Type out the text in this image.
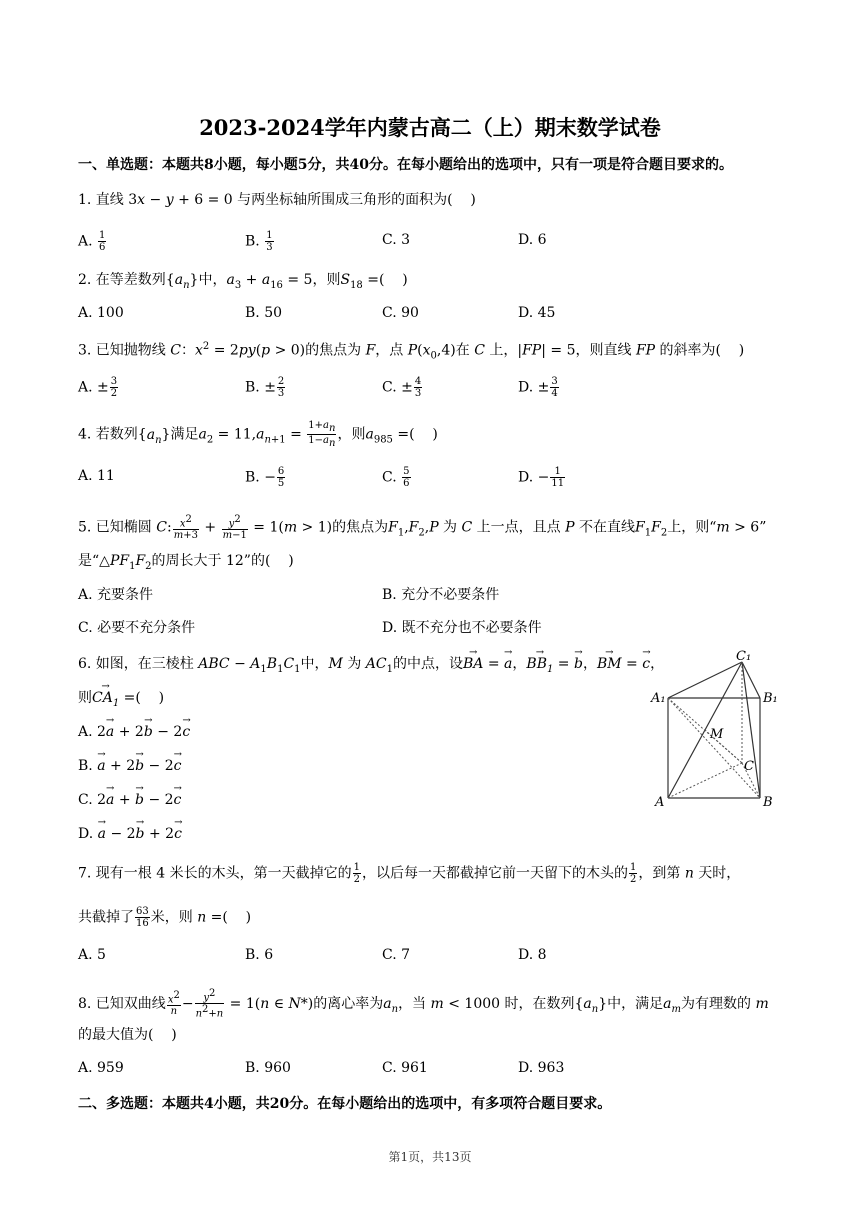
2023-2024学年内蒙古高二（上）期末数学试卷
一、单选题：本题共8小题，每小题5分，共40分。在每小题给出的选项中，只有一项是符合题目要求的。
1. 直线 3x − y + 6 = 0 与两坐标轴所围成三角形的面积为(    )
A. $\frac{1}{6}$	B. $\frac{1}{3}$	C. 3	D. 6
2. 在等差数列$\{a_n\}$中，$a_3 + a_{16} = 5$，则$S_{18}$ =(    )
A. 100	B. 50	C. 90	D. 45
3. 已知抛物线 C：$x^2 = 2py(p > 0)$的焦点为 F，点 $P(x_0,4)$在 C 上，|FP| = 5，则直线 FP 的斜率为(    )
A. ± $\frac{3}{2}$	B. ± $\frac{2}{3}$	C. ± $\frac{4}{3}$	D. ± $\frac{3}{4}$
4. 若数列$\{a_n\}$满足$a_2 = 11,a_{n+1} = \frac{1+a_n}{1-a_n}$ ，则$a_{985}$ =(    )
A. 11	B. − $\frac{6}{5}$	C. $\frac{5}{6}$	D. − $\frac{1}{11}$
5. 已知椭圆 C: $\frac{x^2}{m+3} + \frac{y^2}{m-1} = 1(m > 1)$的焦点为$F_1,F_2,P$ 为 C 上一点，且点 P 不在直线$F_1F_2$上，则“m > 6”
是“$\triangle PF_1F_2$的周长大于 12”的(    )
A. 充要条件	B. 充分不必要条件
C. 必要不充分条件	D. 既不充分也不必要条件
6. 如图，在三棱柱 ABC − $A_1B_1C_1$中，M 为 $AC_1$的中点，设→ BA = → a，→ $BB_1$ = → b，→ BM = → c，
则→ $CA_1$ =(    )
A. 2→ a + 2→ b − 2→ c
B. → a + 2→ b − 2→ c
C. 2→ a + → b − 2→ c
D. → a − 2→ b + 2→ c
C₁
A₁	B₁
M
C
A	B
7. 现有一根 4 米长的木头，第一天截掉它的 $\frac{1}{2}$ ，以后每一天都截掉它前一天留下的木头的 $\frac{1}{2}$ ，到第 n 天时，
共截掉了 $\frac{63}{16}$ 米，则 n =(    )
A. 5	B. 6	C. 7	D. 8
8. 已知双曲线 $\frac{x^2}{n} - \frac{y^2}{n^2+n} = 1(n$ ∈ N*)的离心率为$a_n$，当 m < 1000 时，在数列$\{a_n\}$中，满足$a_m$为有理数的 m
的最大值为(    )
A. 959	B. 960	C. 961	D. 963
二、多选题：本题共4小题，共20分。在每小题给出的选项中，有多项符合题目要求。
第1页，共13页
